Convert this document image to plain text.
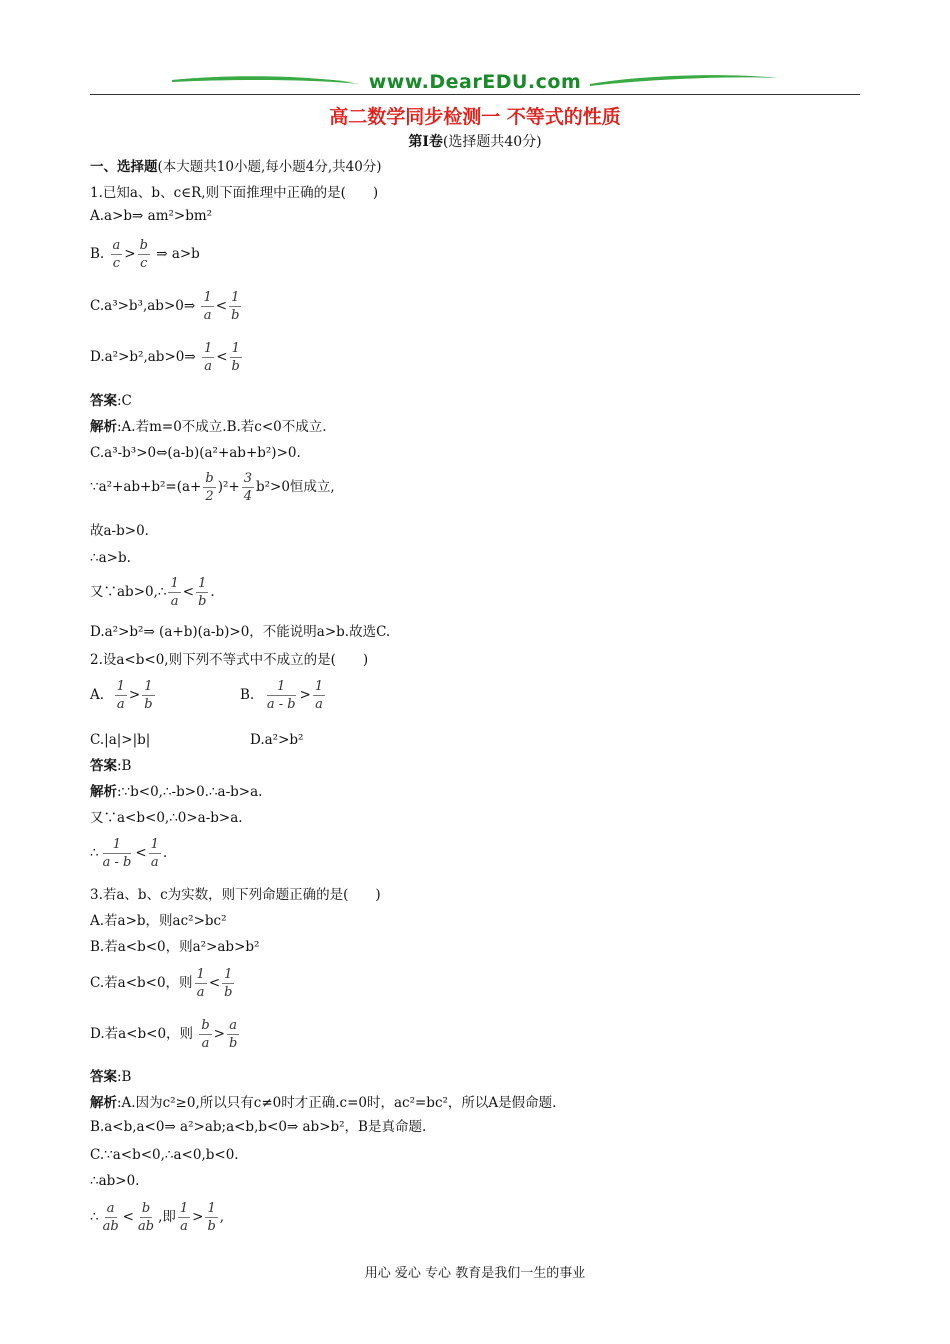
www.DearEDU.com
高二数学同步检测一 不等式的性质
第Ⅰ卷(选择题共40分)
一、选择题(本大题共10小题,每小题4分,共40分)
1.已知a、b、c∈R,则下面推理中正确的是(　　)
A.a>b⇒ am²>bm²
B. $\frac{a}{c} > \frac{b}{c}$ ⇒ a>b
C.a³>b³,ab>0⇒ $\frac{1}{a} < \frac{1}{b}$
D.a²>b²,ab>0⇒ $\frac{1}{a} < \frac{1}{b}$
答案:C
解析:A.若m=0不成立.B.若c<0不成立.
C.a³-b³>0⇔(a-b)(a²+ab+b²)>0.
∵a²+ab+b²=(a+ $\frac{b}{2} )^2+ \frac{3}{4} b^2>0$恒成立,
故a-b>0.
∴a>b.
又∵ab>0,∴ $\frac{1}{a} < \frac{1}{b}$ .
D.a²>b²⇒ (a+b)(a-b)>0，不能说明a>b.故选C.
2.设a<b<0,则下列不等式中不成立的是(　　)
A. $\frac{1}{a} > \frac{1}{b}$	B. $\frac{1}{a - b} > \frac{1}{a}$
C.|a|>|b|	D.a²>b²
答案:B
解析:∵b<0,∴-b>0.∴a-b>a.
又∵a<b<0,∴0>a-b>a.
∴ $\frac{1}{a - b} < \frac{1}{a}$ .
3.若a、b、c为实数，则下列命题正确的是(　　)
A.若a>b，则ac²>bc²
B.若a<b<0，则a²>ab>b²
C.若a<b<0，则 $\frac{1}{a} < \frac{1}{b}$
D.若a<b<0，则 $\frac{b}{a} > \frac{a}{b}$
答案:B
解析:A.因为c²≥0,所以只有c≠0时才正确.c=0时，ac²=bc²，所以A是假命题.
B.a<b,a<0⇒ a²>ab;a<b,b<0⇒ ab>b²，B是真命题.
C.∵a<b<0,∴a<0,b<0.
∴ab>0.
∴ $\frac{a}{ab} < \frac{b}{ab}$ ,即 $\frac{1}{a} > \frac{1}{b}$ ,
用心 爱心 专心 教育是我们一生的事业
